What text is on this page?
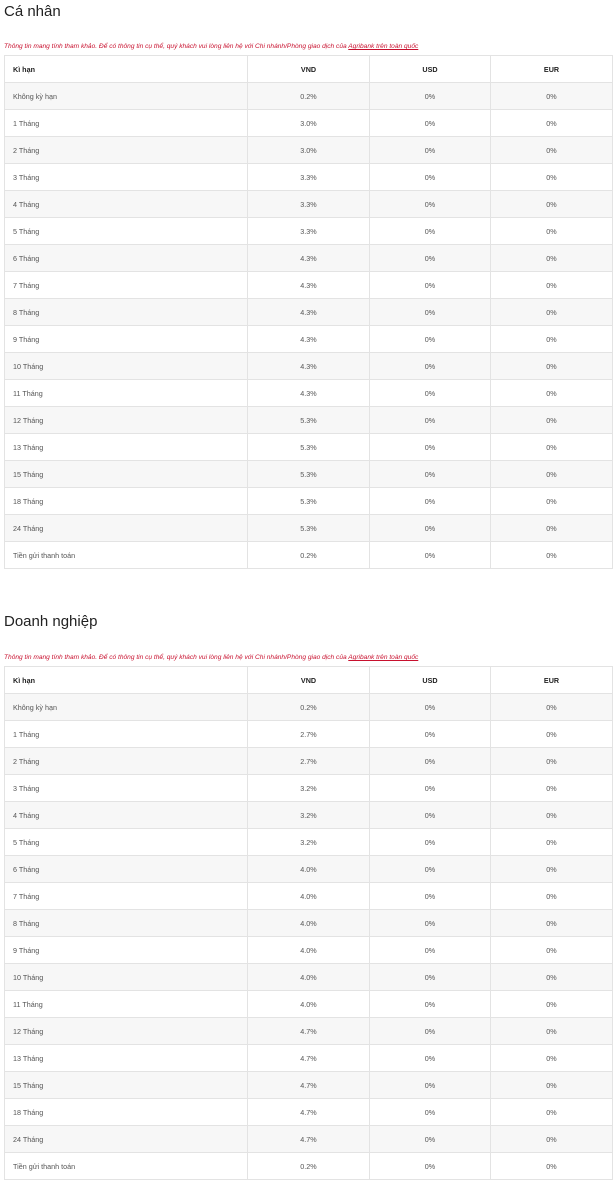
Cá nhân

Thông tin mang tính tham khảo. Để có thông tin cụ thể, quý khách vui lòng liên hệ với Chi nhánh/Phòng giao dịch của Agribank trên toàn quốc

Kì hạn	VND	USD	EUR
Không kỳ hạn	0.2%	0%	0%
1 Tháng	3.0%	0%	0%
2 Tháng	3.0%	0%	0%
3 Tháng	3.3%	0%	0%
4 Tháng	3.3%	0%	0%
5 Tháng	3.3%	0%	0%
6 Tháng	4.3%	0%	0%
7 Tháng	4.3%	0%	0%
8 Tháng	4.3%	0%	0%
9 Tháng	4.3%	0%	0%
10 Tháng	4.3%	0%	0%
11 Tháng	4.3%	0%	0%
12 Tháng	5.3%	0%	0%
13 Tháng	5.3%	0%	0%
15 Tháng	5.3%	0%	0%
18 Tháng	5.3%	0%	0%
24 Tháng	5.3%	0%	0%
Tiền gửi thanh toán	0.2%	0%	0%
Doanh nghiệp

Thông tin mang tính tham khảo. Để có thông tin cụ thể, quý khách vui lòng liên hệ với Chi nhánh/Phòng giao dịch của Agribank trên toàn quốc

Kì hạn	VND	USD	EUR
Không kỳ hạn	0.2%	0%	0%
1 Tháng	2.7%	0%	0%
2 Tháng	2.7%	0%	0%
3 Tháng	3.2%	0%	0%
4 Tháng	3.2%	0%	0%
5 Tháng	3.2%	0%	0%
6 Tháng	4.0%	0%	0%
7 Tháng	4.0%	0%	0%
8 Tháng	4.0%	0%	0%
9 Tháng	4.0%	0%	0%
10 Tháng	4.0%	0%	0%
11 Tháng	4.0%	0%	0%
12 Tháng	4.7%	0%	0%
13 Tháng	4.7%	0%	0%
15 Tháng	4.7%	0%	0%
18 Tháng	4.7%	0%	0%
24 Tháng	4.7%	0%	0%
Tiền gửi thanh toán	0.2%	0%	0%
